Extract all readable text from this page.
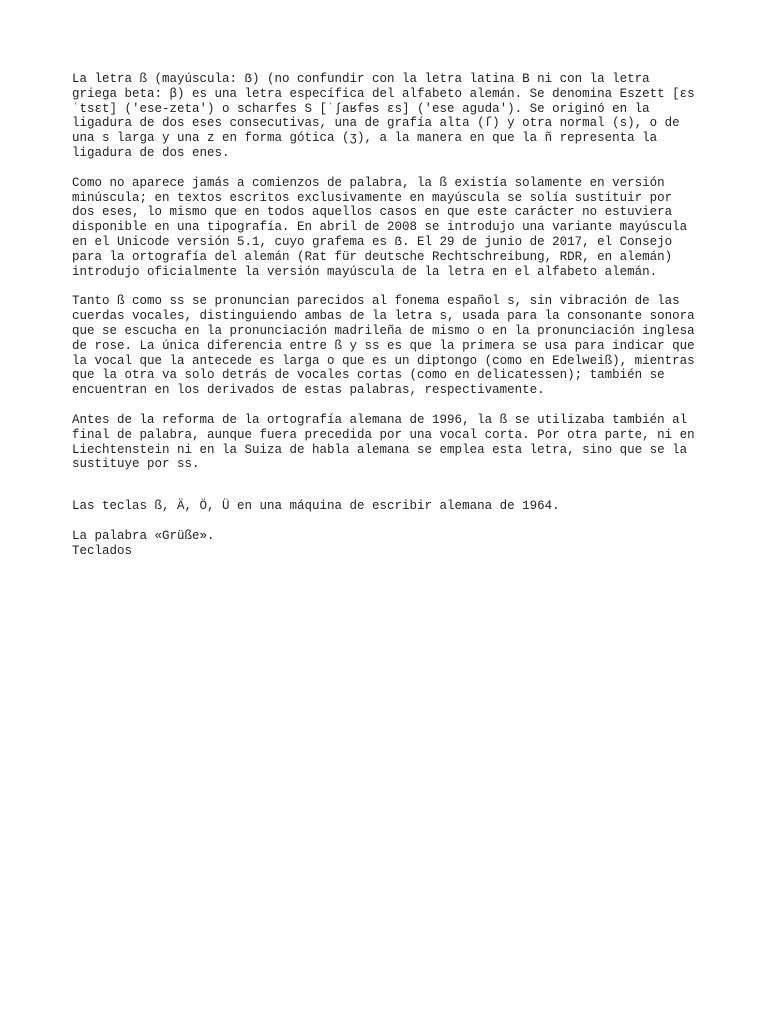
La letra ß (mayúscula: ẞ) (no confundir con la letra latina B ni con la letra
griega beta: β) es una letra específica del alfabeto alemán. Se denomina Eszett [ɛs
ˈtsɛt] ('ese-zeta') o scharfes S [ˈʃaʁfəs ɛs] ('ese aguda'). Se originó en la
ligadura de dos eses consecutivas, una de grafía alta (ſ) y otra normal (s), o de
una s larga y una z en forma gótica (ʒ), a la manera en que la ñ representa la
ligadura de dos enes.

Como no aparece jamás a comienzos de palabra, la ß existía solamente en versión
minúscula; en textos escritos exclusivamente en mayúscula se solía sustituir por
dos eses, lo mismo que en todos aquellos casos en que este carácter no estuviera
disponible en una tipografía. En abril de 2008 se introdujo una variante mayúscula
en el Unicode versión 5.1, cuyo grafema es ẞ. El 29 de junio de 2017, el Consejo
para la ortografía del alemán (Rat für deutsche Rechtschreibung, RDR, en alemán)
introdujo oficialmente la versión mayúscula de la letra en el alfabeto alemán.

Tanto ß como ss se pronuncian parecidos al fonema español s, sin vibración de las
cuerdas vocales, distinguiendo ambas de la letra s, usada para la consonante sonora
que se escucha en la pronunciación madrileña de mismo o en la pronunciación inglesa
de rose. La única diferencia entre ß y ss es que la primera se usa para indicar que
la vocal que la antecede es larga o que es un diptongo (como en Edelweiß), mientras
que la otra va solo detrás de vocales cortas (como en delicatessen); también se
encuentran en los derivados de estas palabras, respectivamente.

Antes de la reforma de la ortografía alemana de 1996, la ß se utilizaba también al
final de palabra, aunque fuera precedida por una vocal corta. Por otra parte, ni en
Liechtenstein ni en la Suiza de habla alemana se emplea esta letra, sino que se la
sustituye por ss.

Las teclas ß, Ä, Ö, Ü en una máquina de escribir alemana de 1964.

La palabra «Grüße».

Teclados
